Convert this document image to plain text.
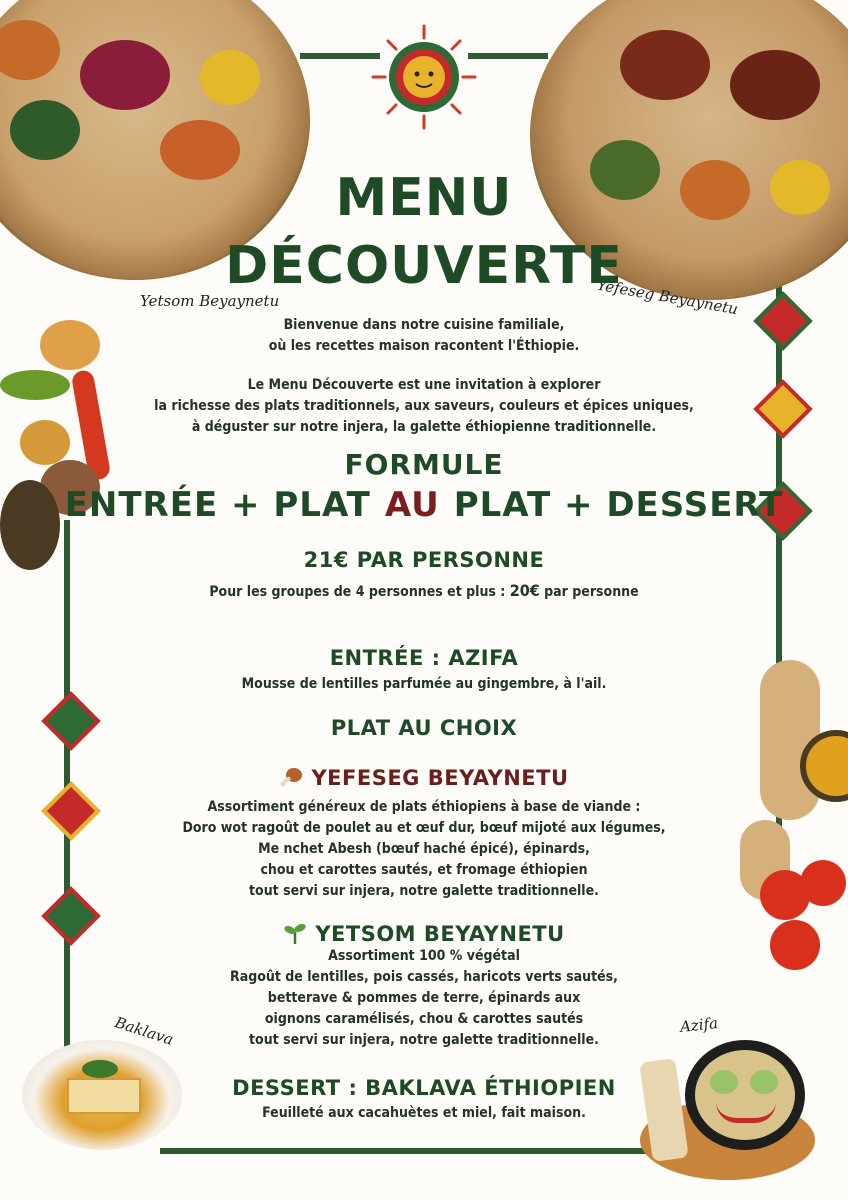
Yetsom Beyaynetu	Yefeseg Beyaynetu
Baklava	Azifa
MENU
DÉCOUVERTE
Bienvenue dans notre cuisine familiale,
où les recettes maison racontent l'Éthiopie.
Le Menu Découverte est une invitation à explorer
la richesse des plats traditionnels, aux saveurs, couleurs et épices uniques,
à déguster sur notre injera, la galette éthiopienne traditionnelle.
FORMULE
ENTRÉE + PLAT AU PLAT + DESSERT
21€ PAR PERSONNE
Pour les groupes de 4 personnes et plus : 20€ par personne
ENTRÉE : AZIFA
Mousse de lentilles parfumée au gingembre, à l'ail.
PLAT AU CHOIX
YEFESEG BEYAYNETU
Assortiment généreux de plats éthiopiens à base de viande :
Doro wot ragoût de poulet au et œuf dur, bœuf mijoté aux légumes,
Me nchet Abesh (bœuf haché épicé), épinards,
chou et carottes sautés, et fromage éthiopien
tout servi sur injera, notre galette traditionnelle.
YETSOM BEYAYNETU
Assortiment 100 % végétal
Ragoût de lentilles, pois cassés, haricots verts sautés,
betterave & pommes de terre, épinards aux
oignons caramélisés, chou & carottes sautés
tout servi sur injera, notre galette traditionnelle.
DESSERT : BAKLAVA ÉTHIOPIEN
Feuilleté aux cacahuètes et miel, fait maison.
